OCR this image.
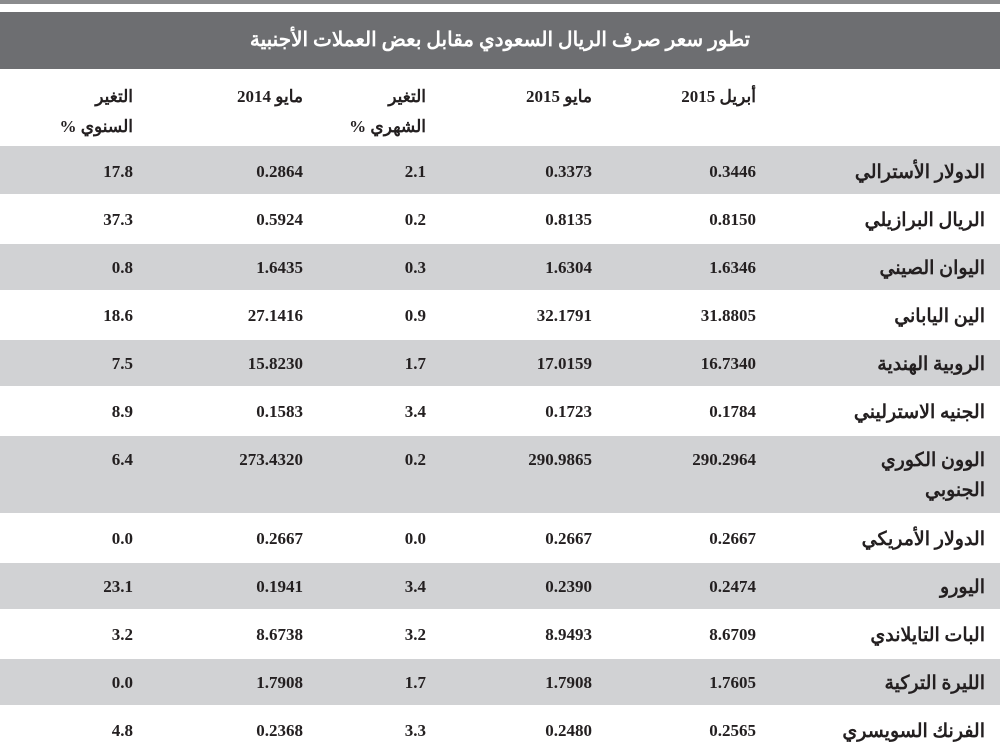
تطور سعر صرف الريال السعودي مقابل بعض العملات الأجنبية
أبريل 2015
مايو 2015
التغير
الشهري %
مايو 2014
التغير
السنوي %
الدولار الأسترالي
0.3446
0.3373
2.1
0.2864
17.8
الريال البرازيلي
0.8150
0.8135
0.2
0.5924
37.3
اليوان الصيني
1.6346
1.6304
0.3
1.6435
0.8
الين الياباني
31.8805
32.1791
0.9
27.1416
18.6
الروبية الهندية
16.7340
17.0159
1.7
15.8230
7.5
الجنيه الاسترليني
0.1784
0.1723
3.4
0.1583
8.9
الوون الكوري
الجنوبي
290.2964
290.9865
0.2
273.4320
6.4
الدولار الأمريكي
0.2667
0.2667
0.0
0.2667
0.0
اليورو
0.2474
0.2390
3.4
0.1941
23.1
البات التايلاندي
8.6709
8.9493
3.2
8.6738
3.2
الليرة التركية
1.7605
1.7908
1.7
1.7908
0.0
الفرنك السويسري
0.2565
0.2480
3.3
0.2368
4.8
